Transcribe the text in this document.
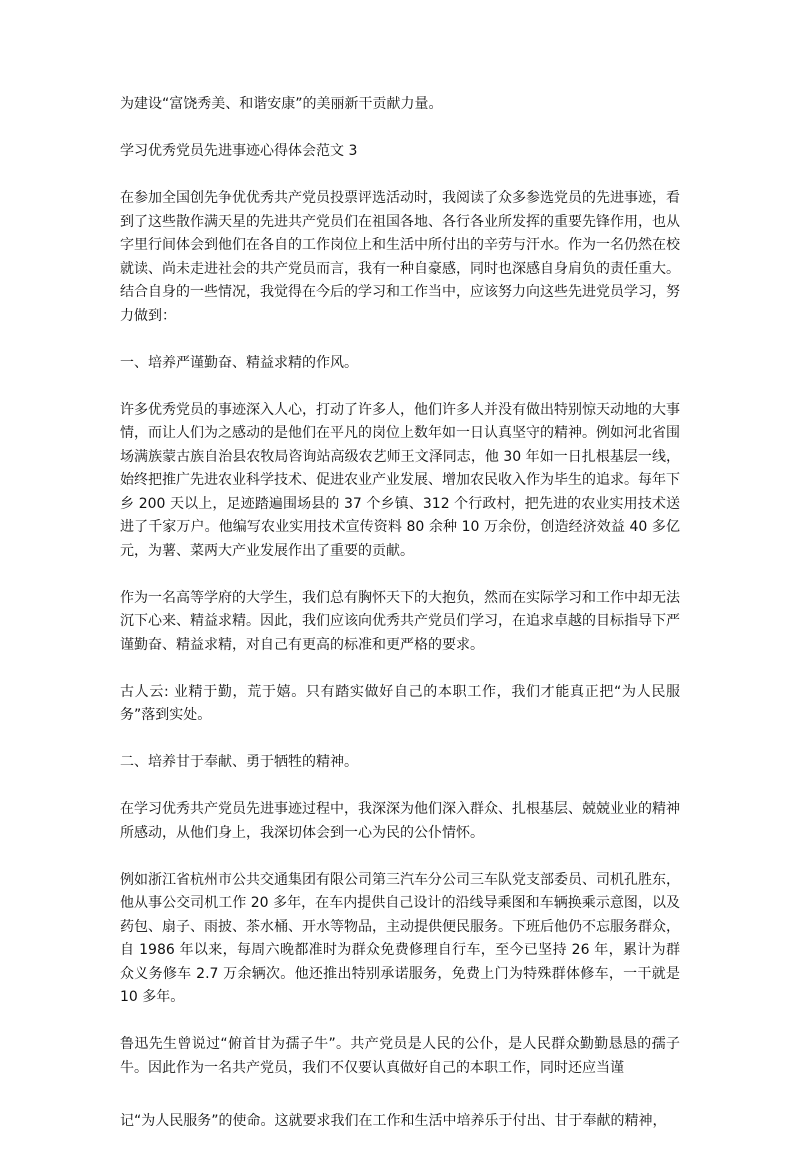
为建设“富饶秀美、和谐安康”的美丽新干贡献力量。

学习优秀党员先进事迹心得体会范文 3

在参加全国创先争优优秀共产党员投票评选活动时，我阅读了众多参选党员的先进事迹，看到了这些散作满天星的先进共产党员们在祖国各地、各行各业所发挥的重要先锋作用，也从字里行间体会到他们在各自的工作岗位上和生活中所付出的辛劳与汗水。作为一名仍然在校就读、尚未走进社会的共产党员而言，我有一种自豪感，同时也深感自身肩负的责任重大。结合自身的一些情况，我觉得在今后的学习和工作当中，应该努力向这些先进党员学习，努力做到：

一、培养严谨勤奋、精益求精的作风。

许多优秀党员的事迹深入人心，打动了许多人，他们许多人并没有做出特别惊天动地的大事情，而让人们为之感动的是他们在平凡的岗位上数年如一日认真坚守的精神。例如河北省围场满族蒙古族自治县农牧局咨询站高级农艺师王文泽同志，他 30 年如一日扎根基层一线，始终把推广先进农业科学技术、促进农业产业发展、增加农民收入作为毕生的追求。每年下乡 200 天以上，足迹踏遍围场县的 37 个乡镇、312 个行政村，把先进的农业实用技术送进了千家万户。他编写农业实用技术宣传资料 80 余种 10 万余份，创造经济效益 40 多亿元，为薯、菜两大产业发展作出了重要的贡献。

作为一名高等学府的大学生，我们总有胸怀天下的大抱负，然而在实际学习和工作中却无法沉下心来、精益求精。因此，我们应该向优秀共产党员们学习，在追求卓越的目标指导下严谨勤奋、精益求精，对自己有更高的标准和更严格的要求。

古人云: 业精于勤，荒于嬉。只有踏实做好自己的本职工作，我们才能真正把“为人民服务”落到实处。

二、培养甘于奉献、勇于牺牲的精神。

在学习优秀共产党员先进事迹过程中，我深深为他们深入群众、扎根基层、兢兢业业的精神所感动，从他们身上，我深切体会到一心为民的公仆情怀。

例如浙江省杭州市公共交通集团有限公司第三汽车分公司三车队党支部委员、司机孔胜东，他从事公交司机工作 20 多年，在车内提供自己设计的沿线导乘图和车辆换乘示意图，以及药包、扇子、雨披、茶水桶、开水等物品，主动提供便民服务。下班后他仍不忘服务群众，自 1986 年以来，每周六晚都准时为群众免费修理自行车，至今已坚持 26 年，累计为群众义务修车 2.7 万余辆次。他还推出特别承诺服务，免费上门为特殊群体修车，一干就是 10 多年。

鲁迅先生曾说过“俯首甘为孺子牛”。共产党员是人民的公仆，是人民群众勤勤恳恳的孺子牛。因此作为一名共产党员，我们不仅要认真做好自己的本职工作，同时还应当谨

记“为人民服务”的使命。这就要求我们在工作和生活中培养乐于付出、甘于奉献的精神，
